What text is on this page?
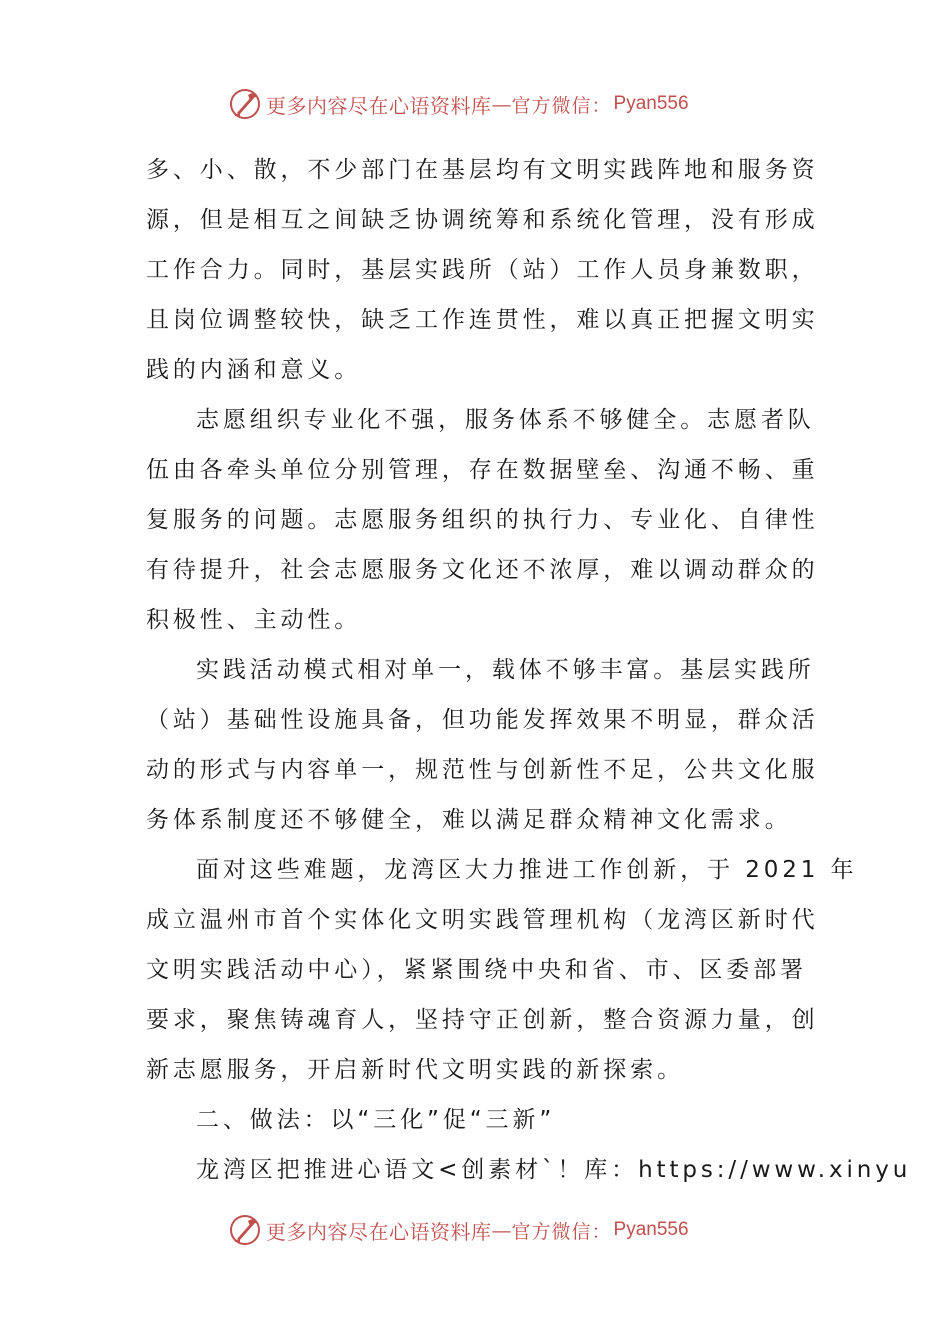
更多内容尽在心语资料库 — 官方微信： Pyan556
多、小、散，不少部门在基层均有文明实践阵地和服务资
源，但是相互之间缺乏协调统筹和系统化管理，没有形成
工作合力。同时，基层实践所（站）工作人员身兼数职，
且岗位调整较快，缺乏工作连贯性，难以真正把握文明实
践的内涵和意义。
志愿组织专业化不强，服务体系不够健全。志愿者队
伍由各牵头单位分别管理，存在数据壁垒、沟通不畅、重
复服务的问题。志愿服务组织的执行力、专业化、自律性
有待提升，社会志愿服务文化还不浓厚，难以调动群众的
积极性、主动性。
实践活动模式相对单一，载体不够丰富。基层实践所
（站）基础性设施具备，但功能发挥效果不明显，群众活
动的形式与内容单一，规范性与创新性不足，公共文化服
务体系制度还不够健全，难以满足群众精神文化需求。
面对这些难题，龙湾区大力推进工作创新，于 2021 年
成立温州市首个实体化文明实践管理机构（龙湾区新时代
文明实践活动中心），紧紧围绕中央和省、市、区委部署
要求，聚焦铸魂育人，坚持守正创新，整合资源力量，创
新志愿服务，开启新时代文明实践的新探索。
二、做法：以“三化”促“三新”
龙湾区把推进心语文<创素材`！库：https://www.xinyu
更多内容尽在心语资料库 — 官方微信： Pyan556
